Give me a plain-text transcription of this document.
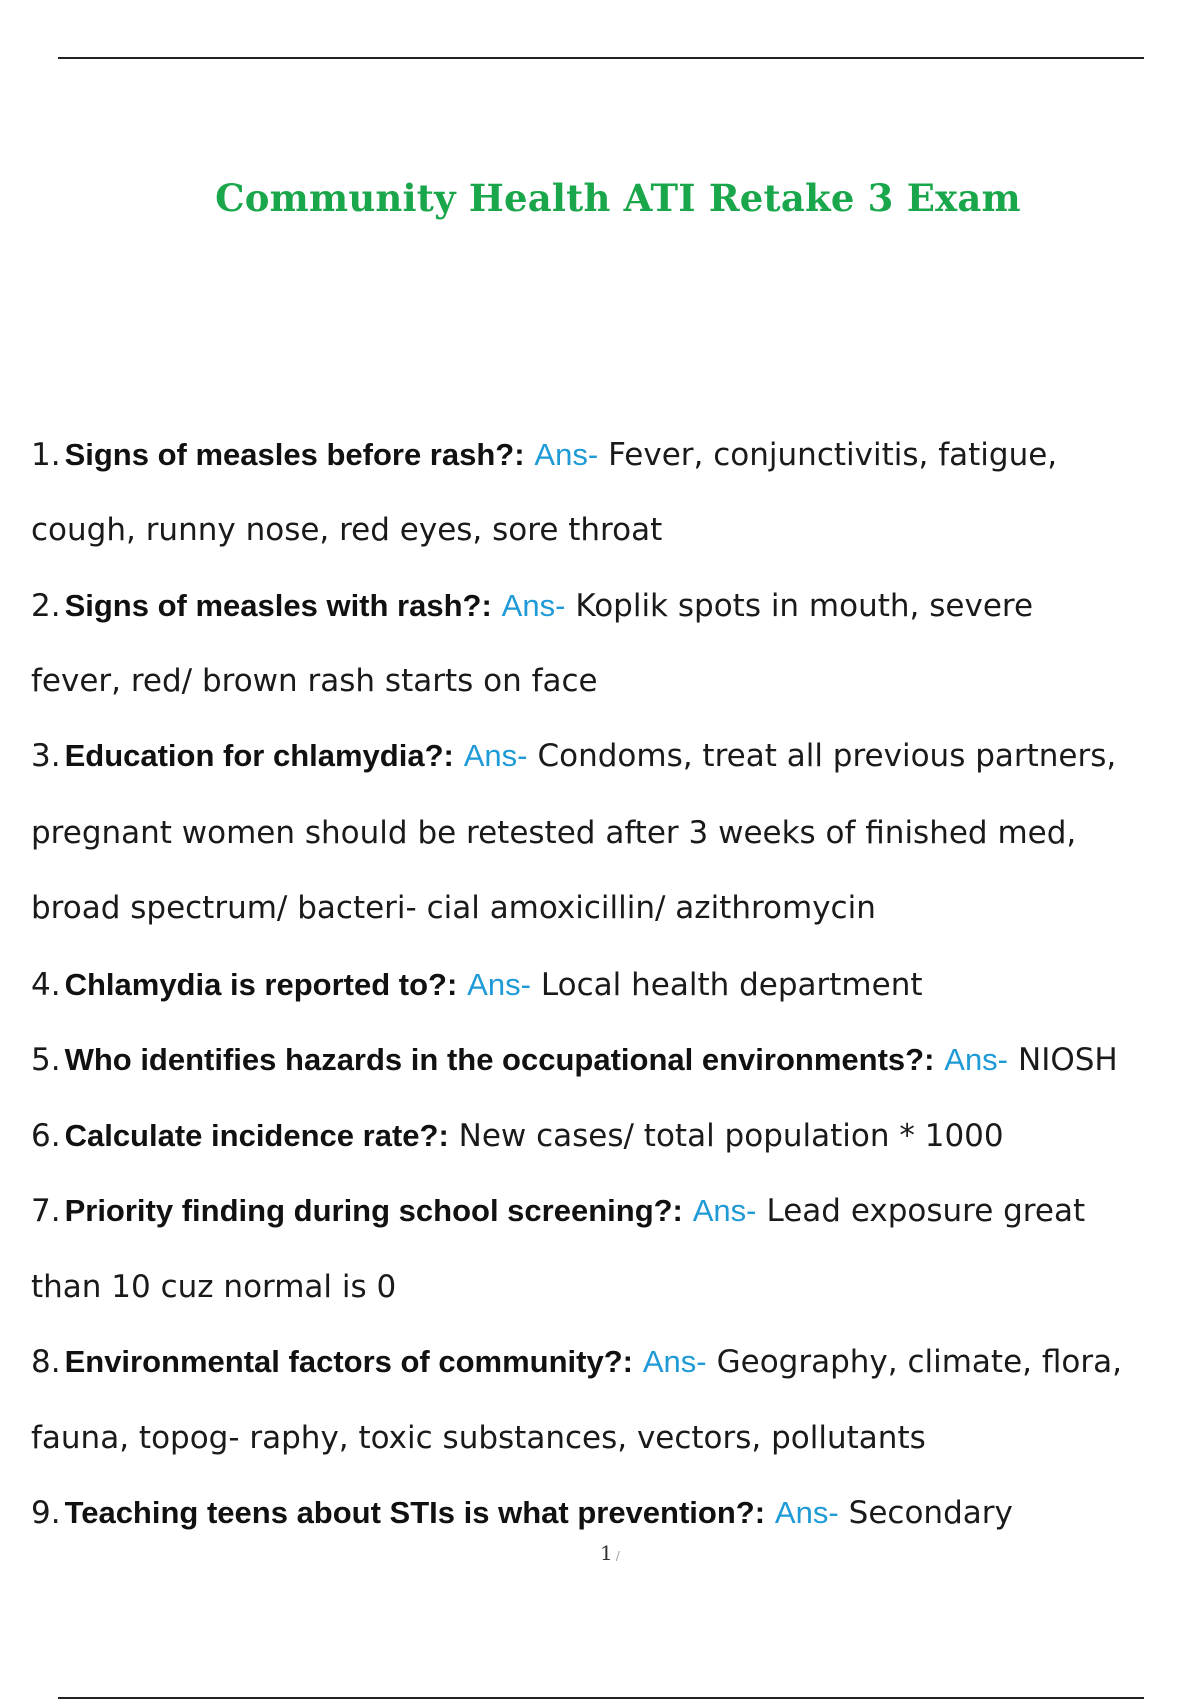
Community Health ATI Retake 3 Exam
1. Signs of measles before rash?: Ans- Fever, conjunctivitis, fatigue,
cough, runny nose, red eyes, sore throat
2. Signs of measles with rash?: Ans- Koplik spots in mouth, severe
fever, red/ brown rash starts on face
3. Education for chlamydia?: Ans- Condoms, treat all previous partners,
pregnant women should be retested after 3 weeks of finished med,
broad spectrum/ bacteri- cial amoxicillin/ azithromycin
4. Chlamydia is reported to?: Ans- Local health department
5. Who identifies hazards in the occupational environments?: Ans- NIOSH
6. Calculate incidence rate?: New cases/ total population * 1000
7. Priority finding during school screening?: Ans- Lead exposure great
than 10 cuz normal is 0
8. Environmental factors of community?: Ans- Geography, climate, flora,
fauna, topog- raphy, toxic substances, vectors, pollutants
9. Teaching teens about STIs is what prevention?: Ans- Secondary
1 /
